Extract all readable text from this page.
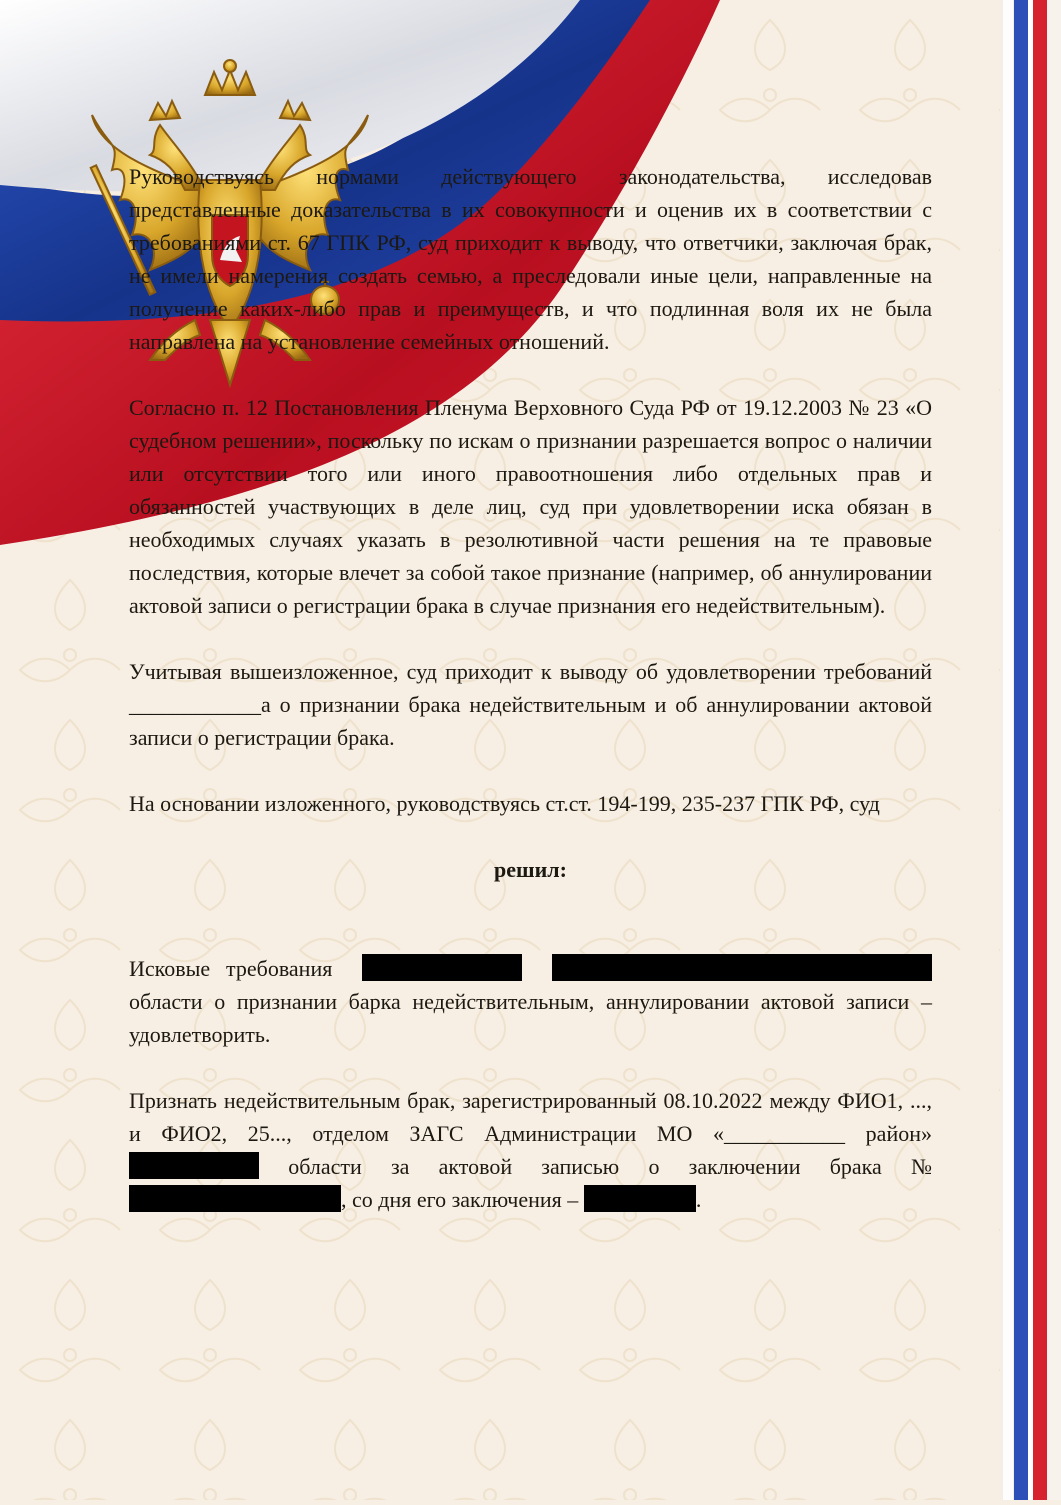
Руководствуясь нормами действующего законодательства, исследовав представленные доказательства в их совокупности и оценив их в соответствии с требованиями ст. 67 ГПК РФ, суд приходит к выводу, что ответчики, заключая брак, не имели намерения создать семью, а преследовали иные цели, направленные на получение каких-либо прав и преимуществ, и что подлинная воля их не была направлена на установление семейных отношений.

Согласно п. 12 Постановления Пленума Верховного Суда РФ от 19.12.2003 № 23 «О судебном решении», поскольку по искам о признании разрешается вопрос о наличии или отсутствии того или иного правоотношения либо отдельных прав и обязанностей участвующих в деле лиц, суд при удовлетворении иска обязан в необходимых случаях указать в резолютивной части решения на те правовые последствия, которые влечет за собой такое признание (например, об аннулировании актовой записи о регистрации брака в случае признания его недействительным).

Учитывая вышеизложенное, суд приходит к выводу об удовлетворении требований ____________а о признании брака недействительным и об аннулировании актовой записи о регистрации брака.

На основании изложенного, руководствуясь ст.ст. 194-199, 235-237 ГПК РФ, суд

решил:

Исковые требования   области о признании барка недействительным, аннулировании актовой записи – удовлетворить.

Признать недействительным брак, зарегистрированный 08.10.2022 между ФИО1, ..., и ФИО2, 25..., отделом ЗАГС Администрации МО «___________ район»  области за актовой записью о заключении брака № , со дня его заключения –	.
